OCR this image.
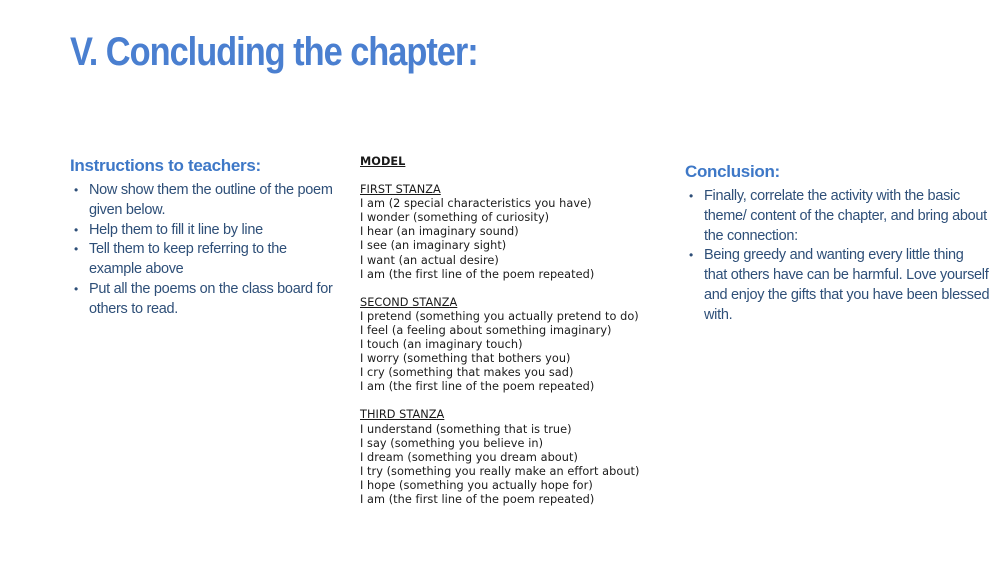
V. Concluding the chapter:
Instructions to teachers:
• Now show them the outline of the poem given below.
• Help them to fill it line by line
• Tell them to keep referring to the example above
• Put all the poems on the class board for others to read.
MODEL
FIRST STANZA
I am (2 special characteristics you have)
I wonder (something of curiosity)
I hear (an imaginary sound)
I see (an imaginary sight)
I want (an actual desire)
I am (the first line of the poem repeated)
SECOND STANZA
I pretend (something you actually pretend to do)
I feel (a feeling about something imaginary)
I touch (an imaginary touch)
I worry (something that bothers you)
I cry (something that makes you sad)
I am (the first line of the poem repeated)
THIRD STANZA
I understand (something that is true)
I say (something you believe in)
I dream (something you dream about)
I try (something you really make an effort about)
I hope (something you actually hope for)
I am (the first line of the poem repeated)
Conclusion:
• Finally, correlate the activity with the basic theme/ content of the chapter, and bring about the connection:
• Being greedy and wanting every little thing that others have can be harmful. Love yourself and enjoy the gifts that you have been blessed with.
